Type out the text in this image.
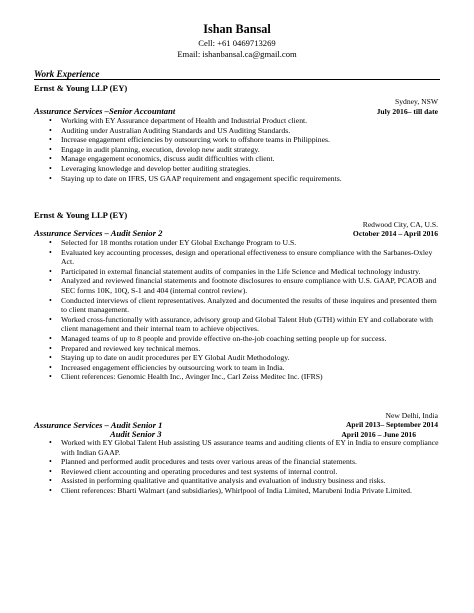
Ishan Bansal
Cell: +61 0469713269
Email: ishanbansal.ca@gmail.com
Work Experience
Ernst & Young LLP (EY)
Sydney, NSW
Assurance Services –Senior Accountant	July 2016– till date
• Working with EY Assurance department of Health and Industrial Product client.
• Auditing under Australian Auditing Standards and US Auditing Standards.
• Increase engagement efficiencies by outsourcing work to offshore teams in Philippines.
• Engage in audit planning, execution, develop new audit strategy.
• Manage engagement economics, discuss audit difficulties with client.
• Leveraging knowledge and develop better auditing strategies.
• Staying up to date on IFRS, US GAAP requirement and engagement specific requirements.
Ernst & Young LLP (EY)
Redwood City, CA, U.S.
Assurance Services – Audit Senior 2	October 2014 – April 2016
• Selected for 18 months rotation under EY Global Exchange Program to U.S.
• Evaluated key accounting processes, design and operational effectiveness to ensure compliance with the Sarbanes-Oxley Act.
• Participated in external financial statement audits of companies in the Life Science and Medical technology industry.
• Analyzed and reviewed financial statements and footnote disclosures to ensure compliance with U.S. GAAP, PCAOB and SEC forms 10K, 10Q, S-1 and 404 (internal control review).
• Conducted interviews of client representatives. Analyzed and documented the results of these inquires and presented them to client management.
• Worked cross-functionally with assurance, advisory group and Global Talent Hub (GTH) within EY and collaborate with client management and their internal team to achieve objectives.
• Managed teams of up to 8 people and provide effective on-the-job coaching setting people up for success.
• Prepared and reviewed key technical memos.
• Staying up to date on audit procedures per EY Global Audit Methodology.
• Increased engagement efficiencies by outsourcing work to team in India.
• Client references: Genomic Health Inc., Avinger Inc., Carl Zeiss Meditec Inc. (IFRS)
New Delhi, India
Assurance Services – Audit Senior 1	April 2013– September 2014
Audit Senior 3	April 2016 – June 2016
• Worked with EY Global Talent Hub assisting US assurance teams and auditing clients of EY in India to ensure compliance with Indian GAAP.
• Planned and performed audit procedures and tests over various areas of the financial statements.
• Reviewed client accounting and operating procedures and test systems of internal control.
• Assisted in performing qualitative and quantitative analysis and evaluation of industry business and risks.
• Client references: Bharti Walmart (and subsidiaries), Whirlpool of India Limited, Marubeni India Private Limited.
